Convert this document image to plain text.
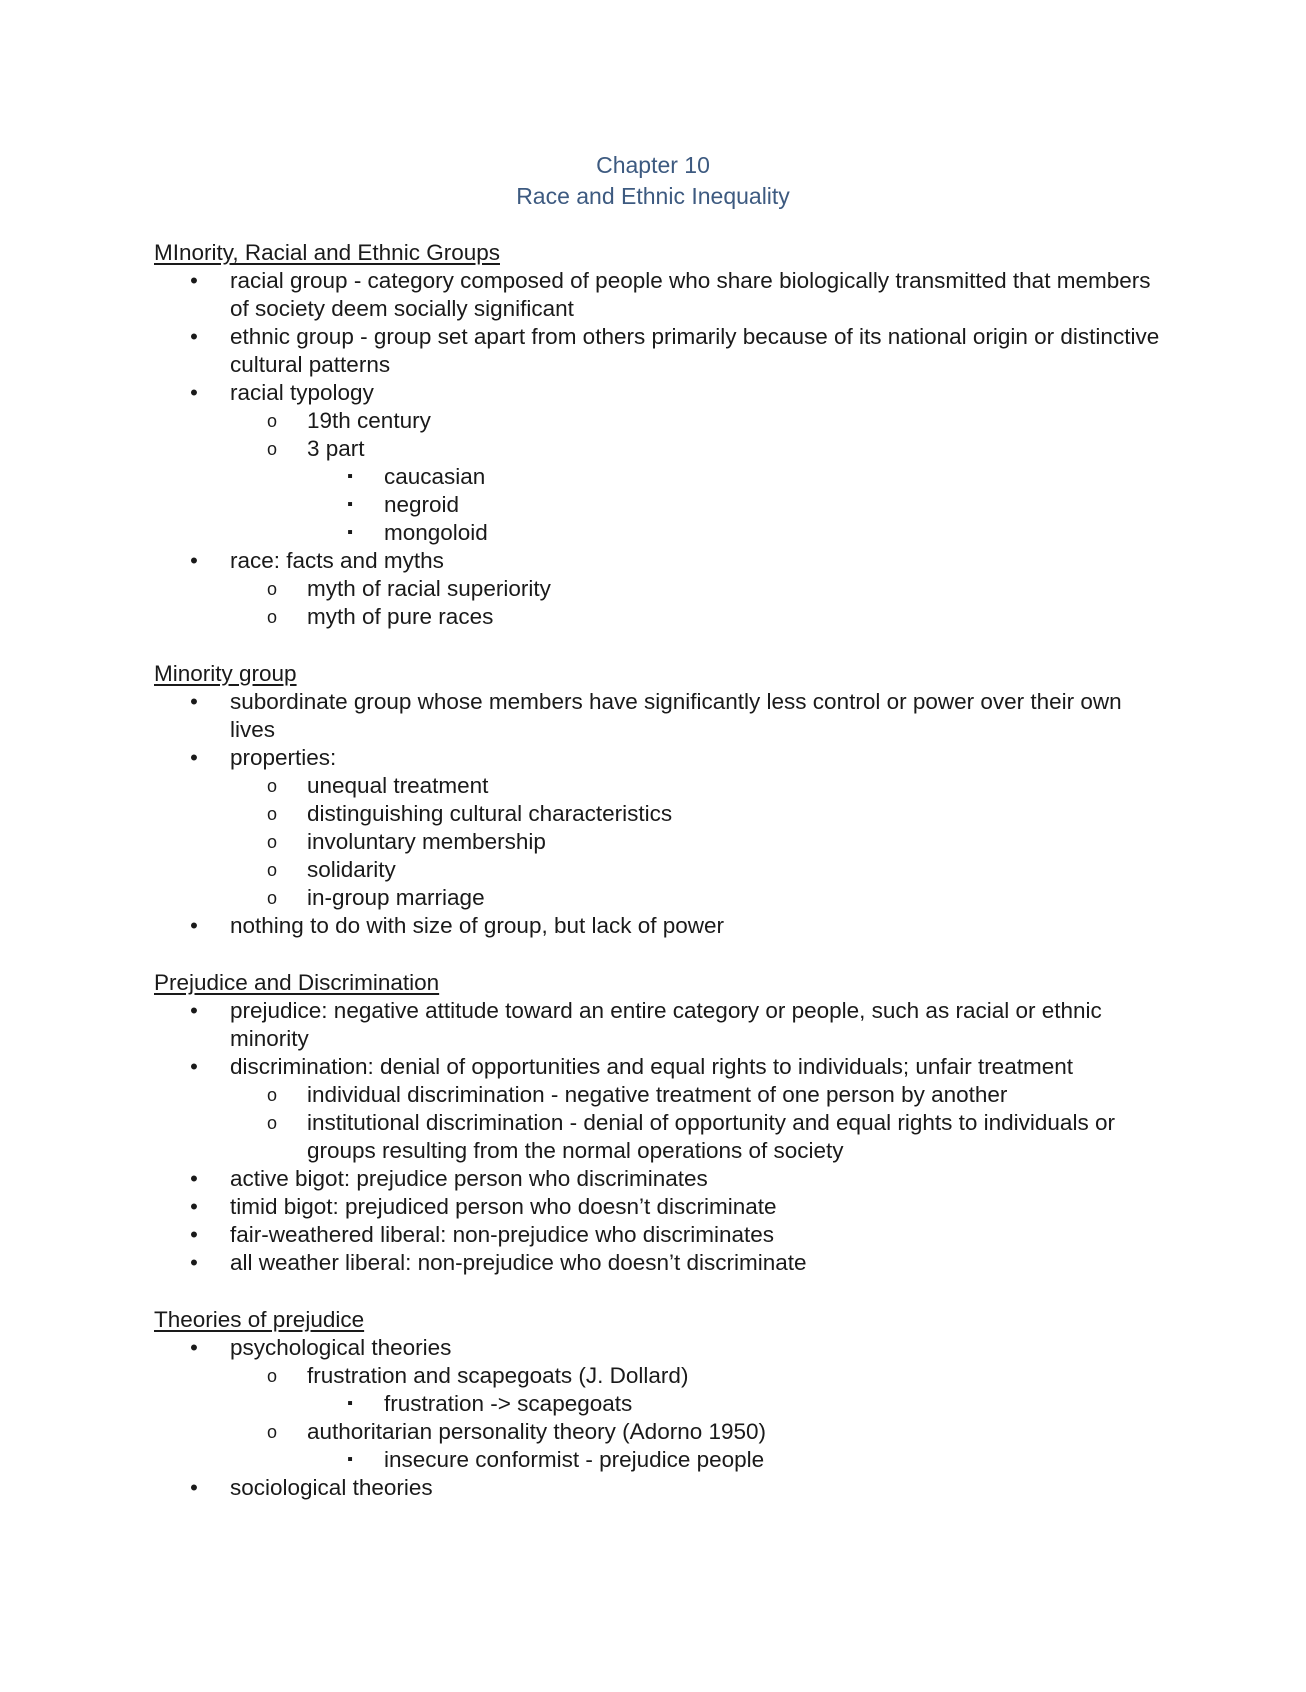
Chapter 10
Race and Ethnic Inequality
MInority, Racial and Ethnic Groups
• racial group - category composed of people who share biologically transmitted that members of society deem socially significant
• ethnic group - group set apart from others primarily because of its national origin or distinctive cultural patterns
• racial typology
o 19th century
o 3 part
▪	caucasian
▪	negroid
▪	mongoloid
• race: facts and myths
o myth of racial superiority
o myth of pure races
Minority group
• subordinate group whose members have significantly less control or power over their own lives
• properties:
o unequal treatment
o distinguishing cultural characteristics
o involuntary membership
o solidarity
o in-group marriage
• nothing to do with size of group, but lack of power
Prejudice and Discrimination
• prejudice: negative attitude toward an entire category or people, such as racial or ethnic minority
• discrimination: denial of opportunities and equal rights to individuals; unfair treatment
o individual discrimination - negative treatment of one person by another
o institutional discrimination - denial of opportunity and equal rights to individuals or groups resulting from the normal operations of society
• active bigot: prejudice person who discriminates
• timid bigot: prejudiced person who doesn’t discriminate
• fair-weathered liberal: non-prejudice who discriminates
• all weather liberal: non-prejudice who doesn’t discriminate
Theories of prejudice
• psychological theories
o frustration and scapegoats (J. Dollard)
▪	frustration -> scapegoats
o authoritarian personality theory (Adorno 1950)
▪	insecure conformist - prejudice people
• sociological theories
